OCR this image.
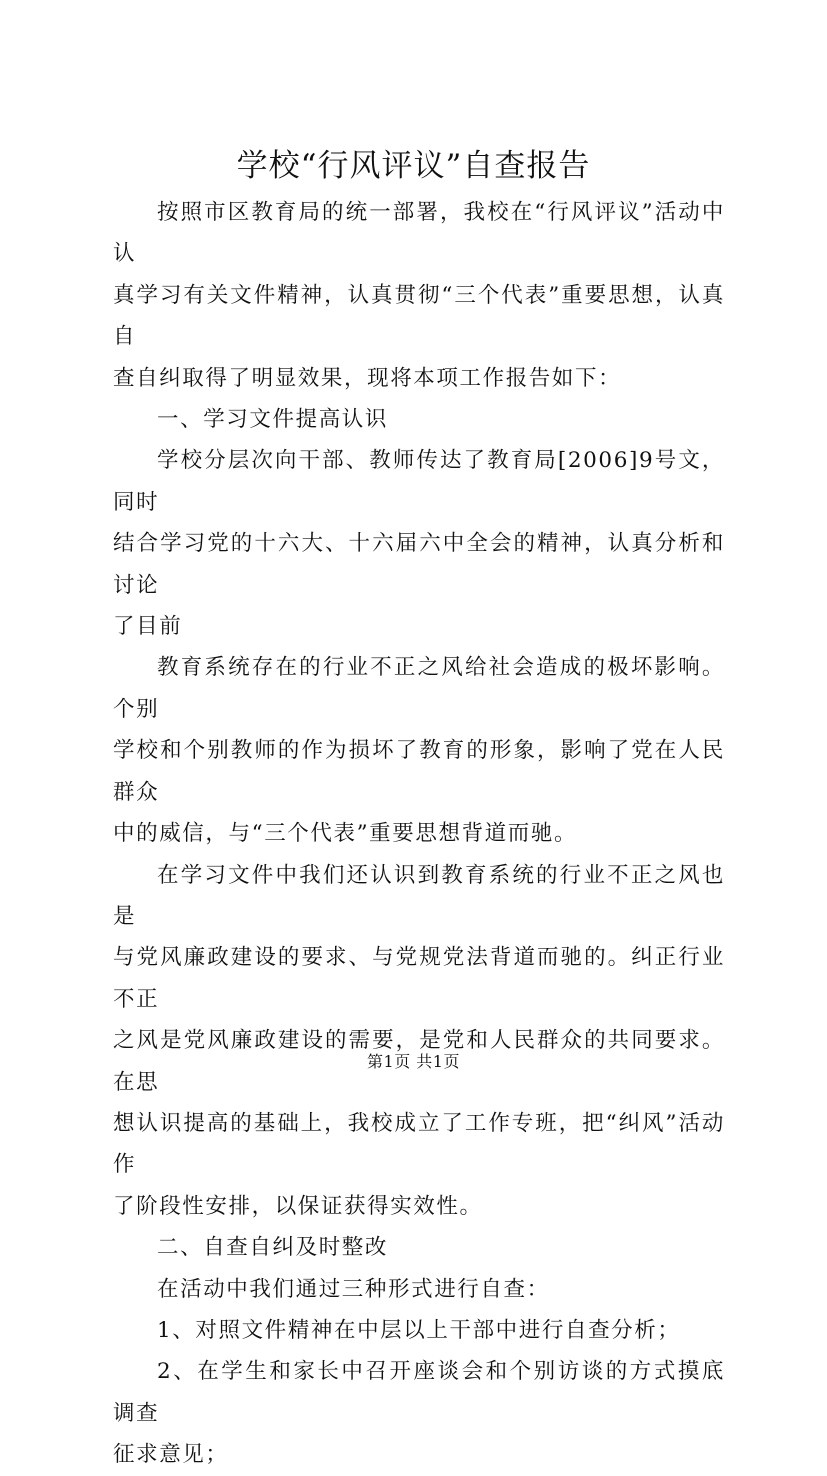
学校“行风评议”自查报告

按照市区教育局的统一部署，我校在“行风评议”活动中认
真学习有关文件精神，认真贯彻“三个代表”重要思想，认真自
查自纠取得了明显效果，现将本项工作报告如下：

一、学习文件提高认识

学校分层次向干部、教师传达了教育局[2006]9号文，同时
结合学习党的十六大、十六届六中全会的精神，认真分析和讨论
了目前

教育系统存在的行业不正之风给社会造成的极坏影响。个别
学校和个别教师的作为损坏了教育的形象，影响了党在人民群众
中的威信，与“三个代表”重要思想背道而驰。

在学习文件中我们还认识到教育系统的行业不正之风也是
与党风廉政建设的要求、与党规党法背道而驰的。纠正行业不正
之风是党风廉政建设的需要，是党和人民群众的共同要求。在思
想认识提高的基础上，我校成立了工作专班，把“纠风”活动作
了阶段性安排，以保证获得实效性。

二、自查自纠及时整改

在活动中我们通过三种形式进行自查：

1、对照文件精神在中层以上干部中进行自查分析；

2、在学生和家长中召开座谈会和个别访谈的方式摸底调查
征求意见；

第1页 共1页
